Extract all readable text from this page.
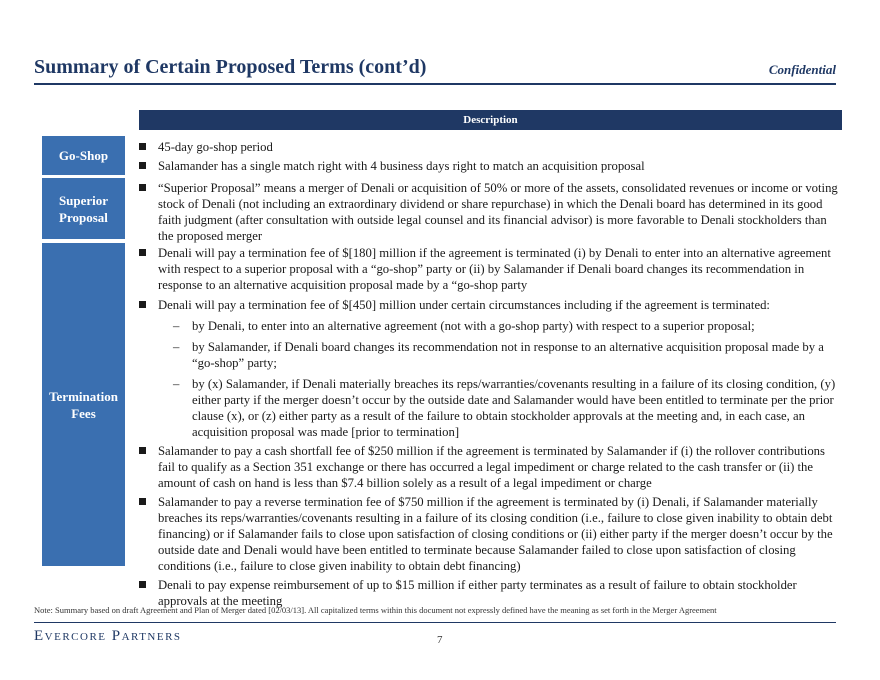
Summary of Certain Proposed Terms (cont’d)	Confidential
Description
Go-Shop
45-day go-shop period
Salamander has a single match right with 4 business days right to match an acquisition proposal
Superior Proposal
“Superior Proposal” means a merger of Denali or acquisition of 50% or more of the assets, consolidated revenues or income or voting stock of Denali (not including an extraordinary dividend or share repurchase) in which the Denali board has determined in its good faith judgment (after consultation with outside legal counsel and its financial advisor) is more favorable to Denali stockholders than the proposed merger
Termination Fees
Denali will pay a termination fee of $[180] million if the agreement is terminated (i) by Denali to enter into an alternative agreement with respect to a superior proposal with a “go-shop” party or (ii) by Salamander if Denali board changes its recommendation in response to an alternative acquisition proposal made by a “go-shop party
Denali will pay a termination fee of $[450] million under certain circumstances including if the agreement is terminated:
– by Denali, to enter into an alternative agreement (not with a go-shop party) with respect to a superior proposal;
– by Salamander, if Denali board changes its recommendation not in response to an alternative acquisition proposal made by a “go-shop” party;
– by (x) Salamander, if Denali materially breaches its reps/warranties/covenants resulting in a failure of its closing condition, (y) either party if the merger doesn’t occur by the outside date and Salamander would have been entitled to terminate per the prior clause (x), or (z) either party as a result of the failure to obtain stockholder approvals at the meeting and, in each case, an acquisition proposal was made [prior to termination]
Salamander to pay a cash shortfall fee of $250 million if the agreement is terminated by Salamander if (i) the rollover contributions fail to qualify as a Section 351 exchange or there has occurred a legal impediment or charge related to the cash transfer or (ii) the amount of cash on hand is less than $7.4 billion solely as a result of a legal impediment or charge
Salamander to pay a reverse termination fee of $750 million if the agreement is terminated by (i) Denali, if Salamander materially breaches its reps/warranties/covenants resulting in a failure of its closing condition (i.e., failure to close given inability to obtain debt financing) or if Salamander fails to close upon satisfaction of closing conditions or (ii) either party if the merger doesn’t occur by the outside date and Denali would have been entitled to terminate because Salamander failed to close upon satisfaction of closing conditions (i.e., failure to close given inability to obtain debt financing)
Denali to pay expense reimbursement of up to $15 million if either party terminates as a result of failure to obtain stockholder approvals at the meeting
Note: Summary based on draft Agreement and Plan of Merger dated [02/03/13]. All capitalized terms within this document not expressly defined have the meaning as set forth in the Merger Agreement
Evercore Partners	7
